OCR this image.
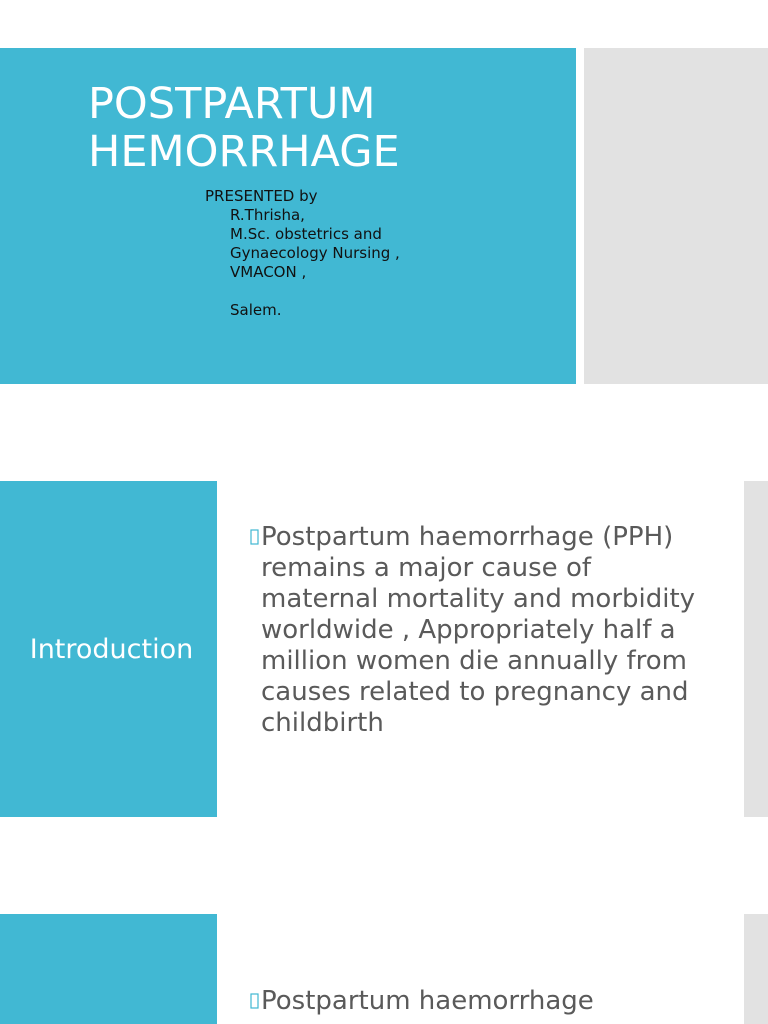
POSTPARTUM
HEMORRHAGE
PRESENTED by
R.Thrisha,
M.Sc. obstetrics and
Gynaecology Nursing ,
VMACON ,
Salem.
Introduction

Postpartum haemorrhage (PPH) remains a major cause of maternal mortality and morbidity worldwide , Appropriately half a million women die annually from causes related to pregnancy and childbirth

Postpartum haemorrhage
